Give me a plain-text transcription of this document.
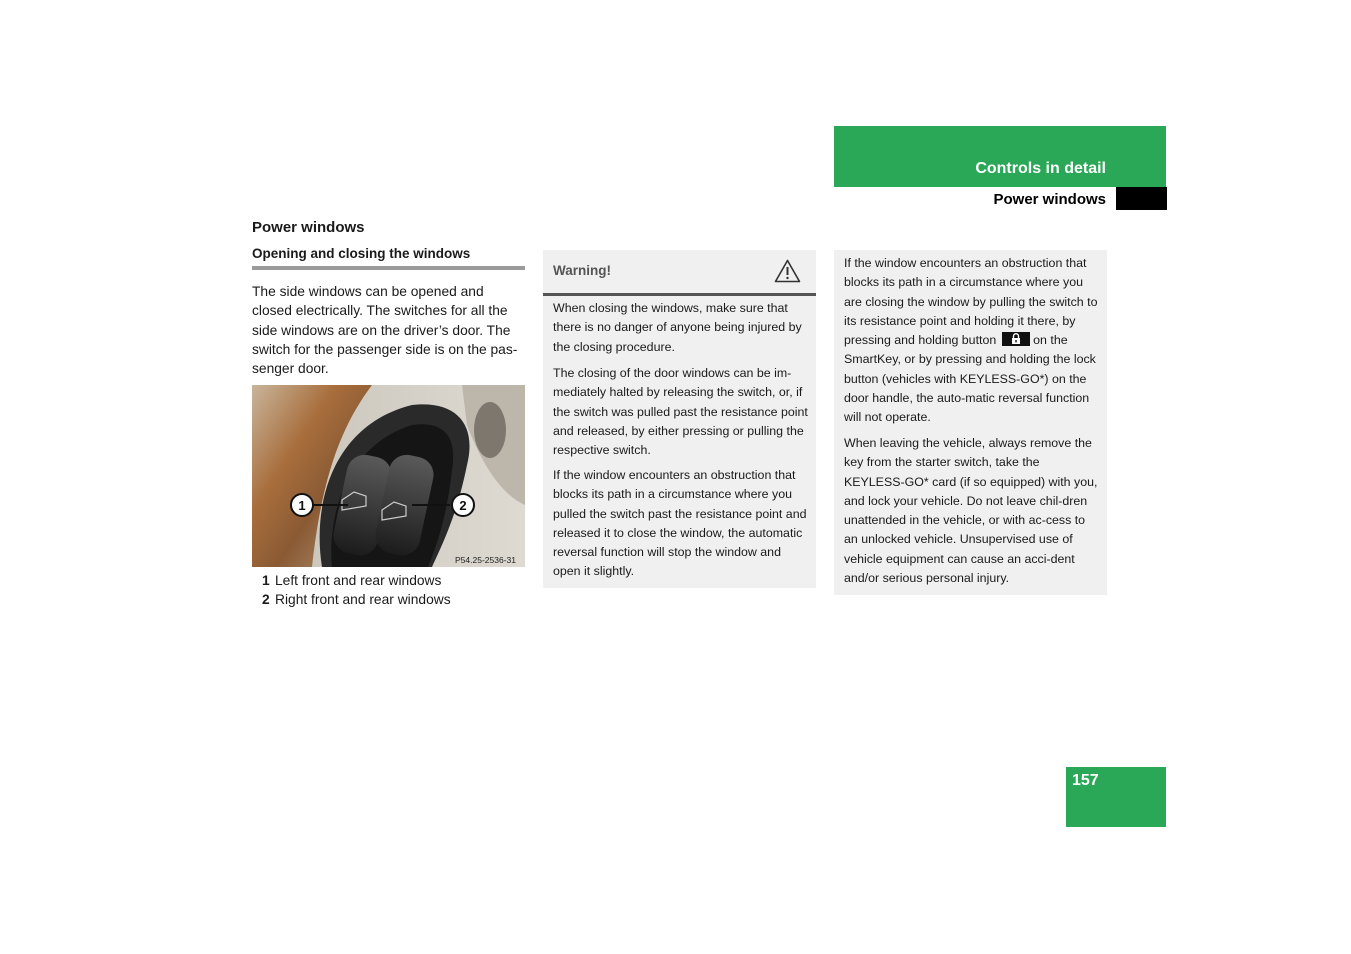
Controls in detail
Power windows
Power windows
Opening and closing the windows
The side windows can be opened and closed electrically. The switches for all the side windows are on the driver’s door. The switch for the passenger side is on the pas-senger door.
1	2
P54.25-2536-31
1 Left front and rear windows
2 Right front and rear windows
Warning!

When closing the windows, make sure that there is no danger of anyone being injured by the closing procedure.

The closing of the door windows can be im-mediately halted by releasing the switch, or, if the switch was pulled past the resistance point and released, by either pressing or pulling the respective switch.

If the window encounters an obstruction that blocks its path in a circumstance where you pulled the switch past the resistance point and released it to close the window, the automatic reversal function will stop the window and open it slightly.

If the window encounters an obstruction that blocks its path in a circumstance where you are closing the window by pulling the switch to its resistance point and holding it there, by pressing and holding button	on the SmartKey, or by pressing and holding the lock button (vehicles with KEYLESS-GO*) on the door handle, the auto-matic reversal function will not operate.

When leaving the vehicle, always remove the key from the starter switch, take the KEYLESS-GO* card (if so equipped) with you, and lock your vehicle. Do not leave chil-dren unattended in the vehicle, or with ac-cess to an unlocked vehicle. Unsupervised use of vehicle equipment can cause an acci-dent and/or serious personal injury.

157
